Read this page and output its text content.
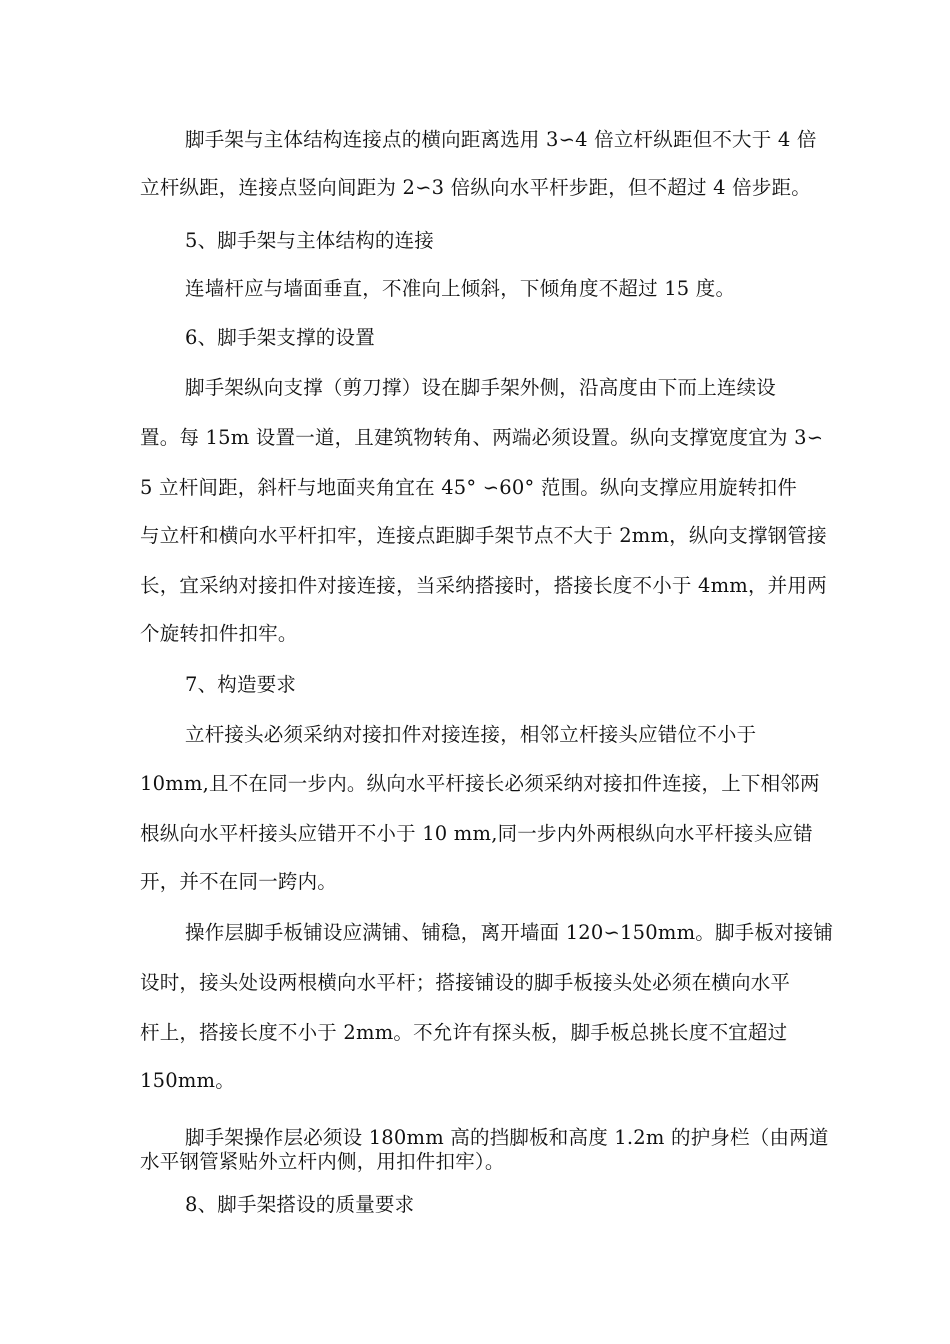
脚手架与主体结构连接点的横向距离选用 3∽4 倍立杆纵距但不大于 4 倍
立杆纵距，连接点竖向间距为 2∽3 倍纵向水平杆步距，但不超过 4 倍步距。
5、脚手架与主体结构的连接
连墙杆应与墙面垂直，不准向上倾斜，下倾角度不超过 15 度。
6、脚手架支撑的设置
脚手架纵向支撑（剪刀撑）设在脚手架外侧，沿高度由下而上连续设
置。每 15m 设置一道，且建筑物转角、两端必须设置。纵向支撑宽度宜为 3∽
5 立杆间距，斜杆与地面夹角宜在 45° ∽60° 范围。纵向支撑应用旋转扣件
与立杆和横向水平杆扣牢，连接点距脚手架节点不大于 2mm，纵向支撑钢管接
长，宜采纳对接扣件对接连接，当采纳搭接时，搭接长度不小于 4mm，并用两
个旋转扣件扣牢。
7、构造要求
立杆接头必须采纳对接扣件对接连接，相邻立杆接头应错位不小于
10mm,且不在同一步内。纵向水平杆接长必须采纳对接扣件连接，上下相邻两
根纵向水平杆接头应错开不小于 10 mm,同一步内外两根纵向水平杆接头应错
开，并不在同一跨内。
操作层脚手板铺设应满铺、铺稳，离开墙面 120∽150mm。脚手板对接铺
设时，接头处设两根横向水平杆；搭接铺设的脚手板接头处必须在横向水平
杆上，搭接长度不小于 2mm。不允许有探头板，脚手板总挑长度不宜超过
150mm。
脚手架操作层必须设 180mm 高的挡脚板和高度 1.2m 的护身栏（由两道
水平钢管紧贴外立杆内侧，用扣件扣牢）。
8、脚手架搭设的质量要求
